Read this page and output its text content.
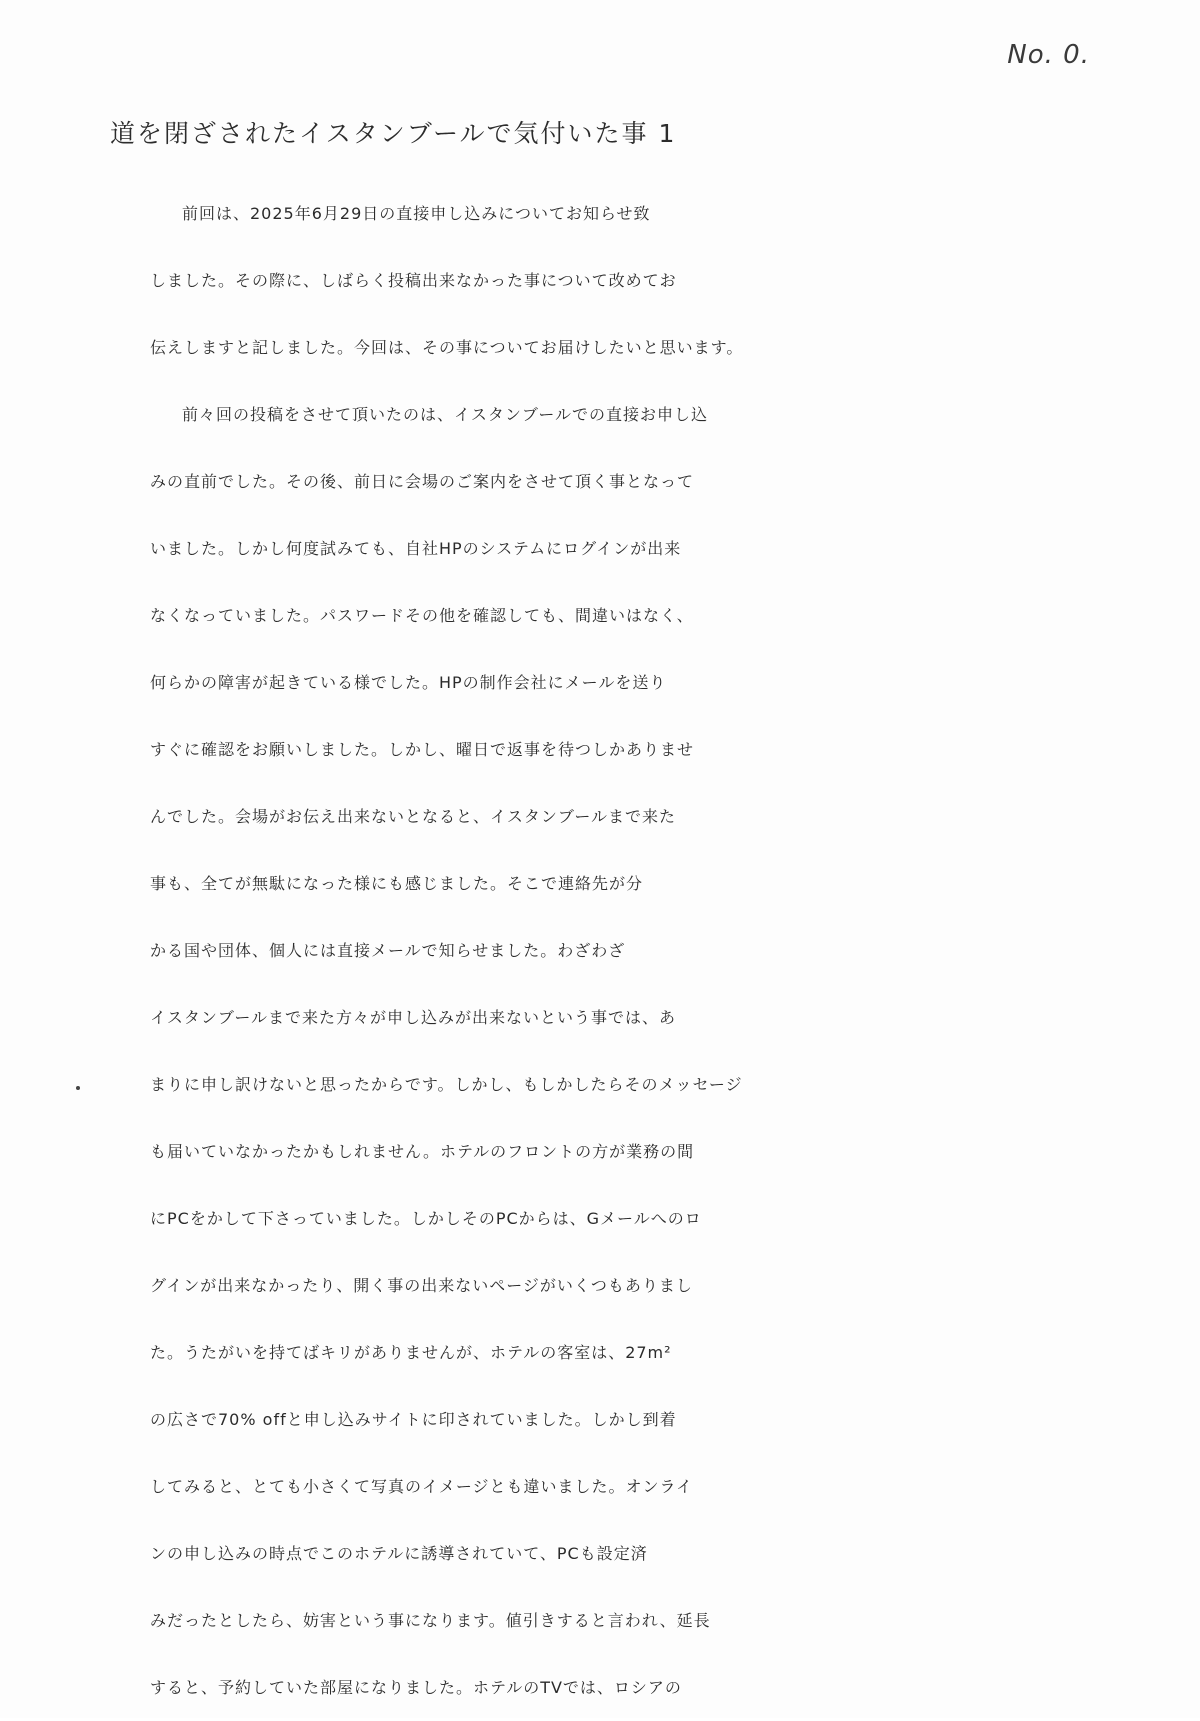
No. 0.
道を閉ざされたイスタンブールで気付いた事 1
前回は、2025年6月29日の直接申し込みについてお知らせ致
しました。その際に、しばらく投稿出来なかった事について改めてお
伝えしますと記しました。今回は、その事についてお届けしたいと思います。
前々回の投稿をさせて頂いたのは、イスタンブールでの直接お申し込
みの直前でした。その後、前日に会場のご案内をさせて頂く事となって
いました。しかし何度試みても、自社HPのシステムにログインが出来
なくなっていました。パスワードその他を確認しても、間違いはなく、
何らかの障害が起きている様でした。HPの制作会社にメールを送り
すぐに確認をお願いしました。しかし、曜日で返事を待つしかありませ
んでした。会場がお伝え出来ないとなると、イスタンブールまで来た
事も、全てが無駄になった様にも感じました。そこで連絡先が分
かる国や団体、個人には直接メールで知らせました。わざわざ
イスタンブールまで来た方々が申し込みが出来ないという事では、あ
まりに申し訳けないと思ったからです。しかし、もしかしたらそのメッセージ
も届いていなかったかもしれません。ホテルのフロントの方が業務の間
にPCをかして下さっていました。しかしそのPCからは、Gメールへのロ
グインが出来なかったり、開く事の出来ないページがいくつもありまし
た。うたがいを持てばキリがありませんが、ホテルの客室は、27m²
の広さで70% offと申し込みサイトに印されていました。しかし到着
してみると、とても小さくて写真のイメージとも違いました。オンライ
ンの申し込みの時点でこのホテルに誘導されていて、PCも設定済
みだったとしたら、妨害という事になります。値引きすると言われ、延長
すると、予約していた部屋になりました。ホテルのTVでは、ロシアの
